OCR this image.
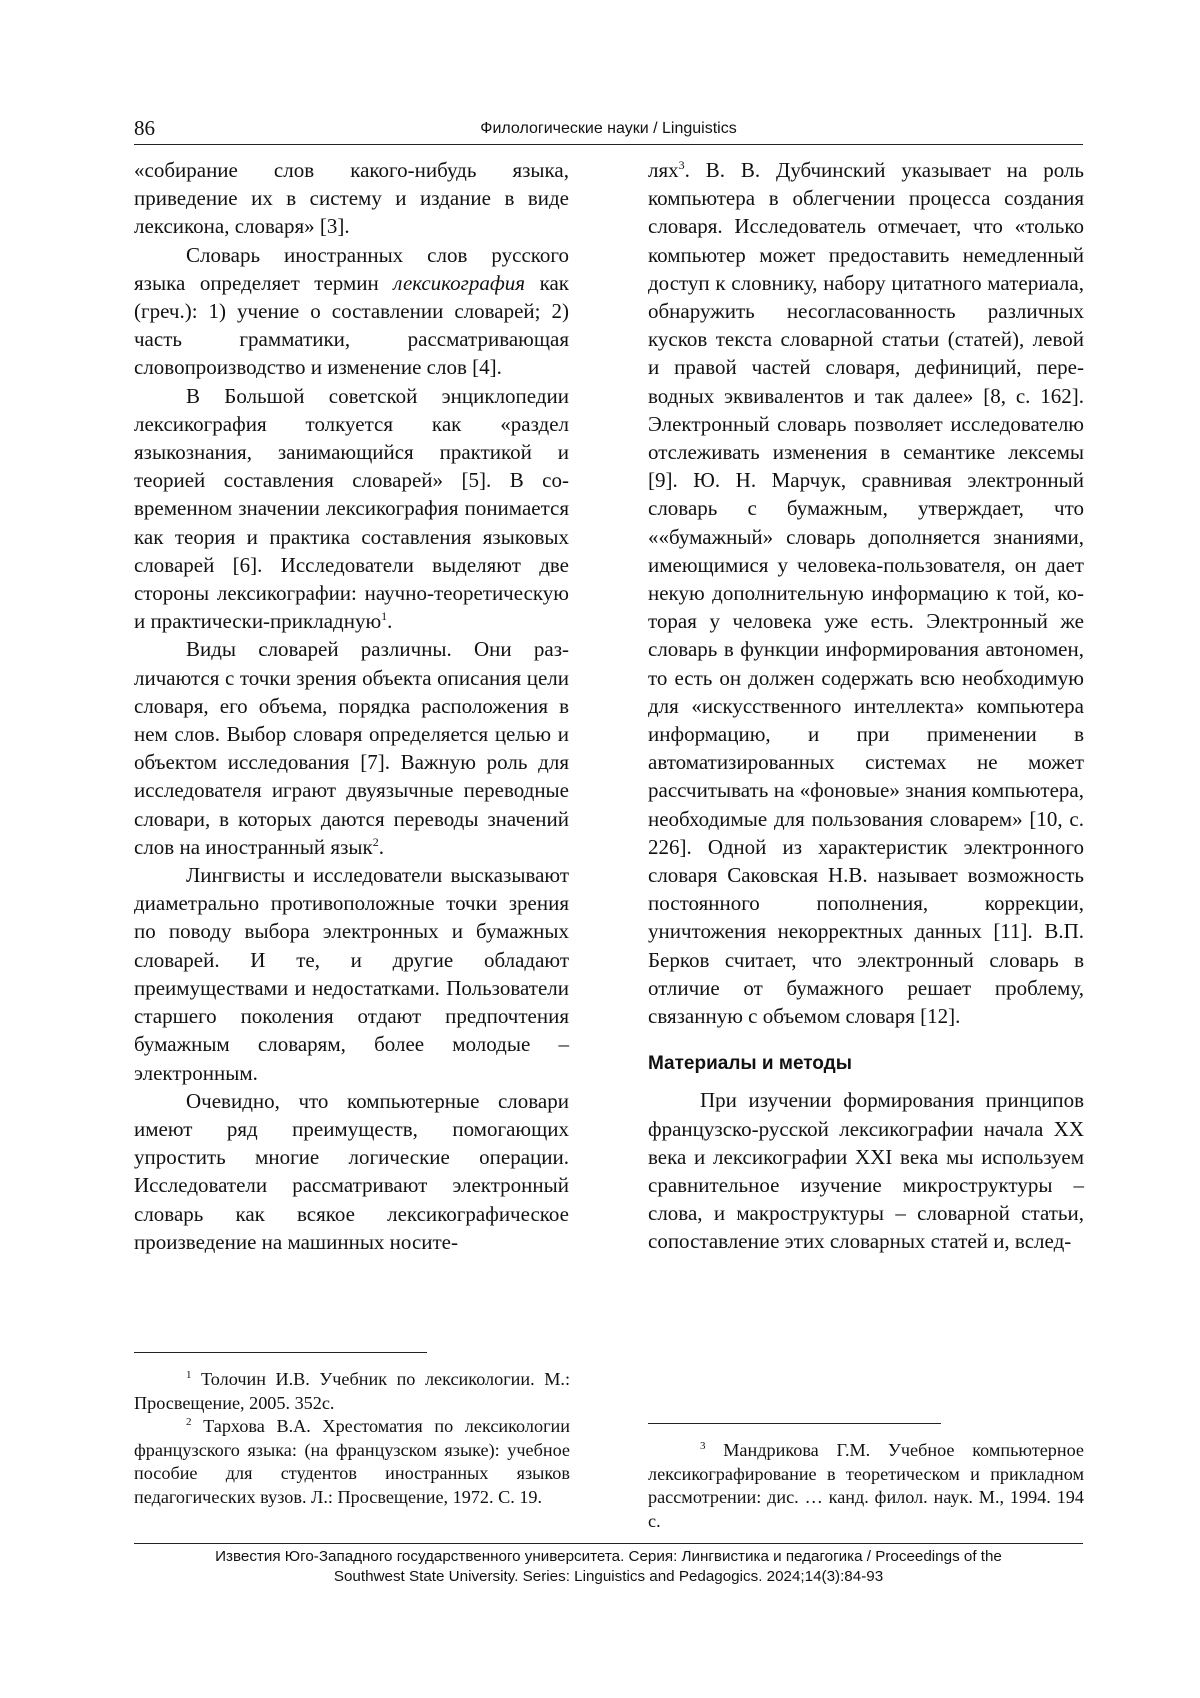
86	Филологические науки / Linguistics

«собирание слов какого-нибудь языка, приведение их в систему и издание в виде лексикона, словаря» [3].

Словарь иностранных слов русского языка определяет термин лексикография как (греч.): 1) учение о составлении словарей; 2) часть грамматики, рассматривающая словопроизводство и изменение слов [4].

В Большой советской энциклопедии лексикография толкуется как «раздел языкознания, занимающийся практикой и теорией составления словарей» [5]. В современном значении лексикография понимается как теория и практика составления языковых словарей [6]. Исследователи выделяют две стороны лексикографии: научно-теоретическую и практически-прикладную$^1$.

Виды словарей различны. Они различаются с точки зрения объекта описания цели словаря, его объема, порядка расположения в нем слов. Выбор словаря определяется целью и объектом исследования [7]. Важную роль для исследователя играют двуязычные переводные словари, в которых даются переводы значений слов на иностранный язык$^2$.

Лингвисты и исследователи высказывают диаметрально противоположные точки зрения по поводу выбора электронных и бумажных словарей. И те, и другие обладают преимуществами и недостатками. Пользователи старшего поколения отдают предпочтения бумажным словарям, более молодые – электронным.

Очевидно, что компьютерные словари имеют ряд преимуществ, помогающих упростить многие логические операции. Исследователи рассматривают электронный словарь как всякое лексикографическое произведение на машинных носите-

лях$^3$. В. В. Дубчинский указывает на роль компьютера в облегчении процесса создания словаря. Исследователь отмечает, что «только компьютер может предоставить немедленный доступ к словнику, набору цитатного материала, обнаружить несогласованность различных кусков текста словарной статьи (статей), левой и правой частей словаря, дефиниций, переводных эквивалентов и так далее» [8, с. 162]. Электронный словарь позволяет исследователю отслеживать изменения в семантике лексемы [9]. Ю. Н. Марчук, сравнивая электронный словарь с бумажным, утверждает, что ««бумажный» словарь дополняется знаниями, имеющимися у человека-пользователя, он дает некую дополнительную информацию к той, которая у человека уже есть. Электронный же словарь в функции информирования автономен, то есть он должен содержать всю необходимую для «искусственного интеллекта» компьютера информацию, и при применении в автоматизированных системах не может рассчитывать на «фоновые» знания компьютера, необходимые для пользования словарем» [10, с. 226]. Одной из характеристик электронного словаря Саковская Н.В. называет возможность постоянного пополнения, коррекции, уничтожения некорректных данных [11]. В.П. Берков считает, что электронный словарь в отличие от бумажного решает проблему, связанную с объемом словаря [12].

Материалы и методы

При изучении формирования принципов французско-русской лексикографии начала XX века и лексикографии XXI века мы используем сравнительное изучение микроструктуры – слова, и макроструктуры – словарной статьи, сопоставление этих словарных статей и, вслед-

$^1$ Толочин И.В. Учебник по лексикологии. М.: Просвещение, 2005. 352с.

$^2$ Тархова В.А. Хрестоматия по лексикологии французского языка: (на французском языке): учебное пособие для студентов иностранных языков педагогических вузов. Л.: Просвещение, 1972. С. 19.

$^3$ Мандрикова Г.М. Учебное компьютерное лексикографирование в теоретическом и прикладном рассмотрении: дис. … канд. филол. наук. М., 1994. 194 с.

Известия Юго-Западного государственного университета. Серия: Лингвистика и педагогика / Proceedings of the
Southwest State University. Series: Linguistics and Pedagogics. 2024;14(3):84-93
